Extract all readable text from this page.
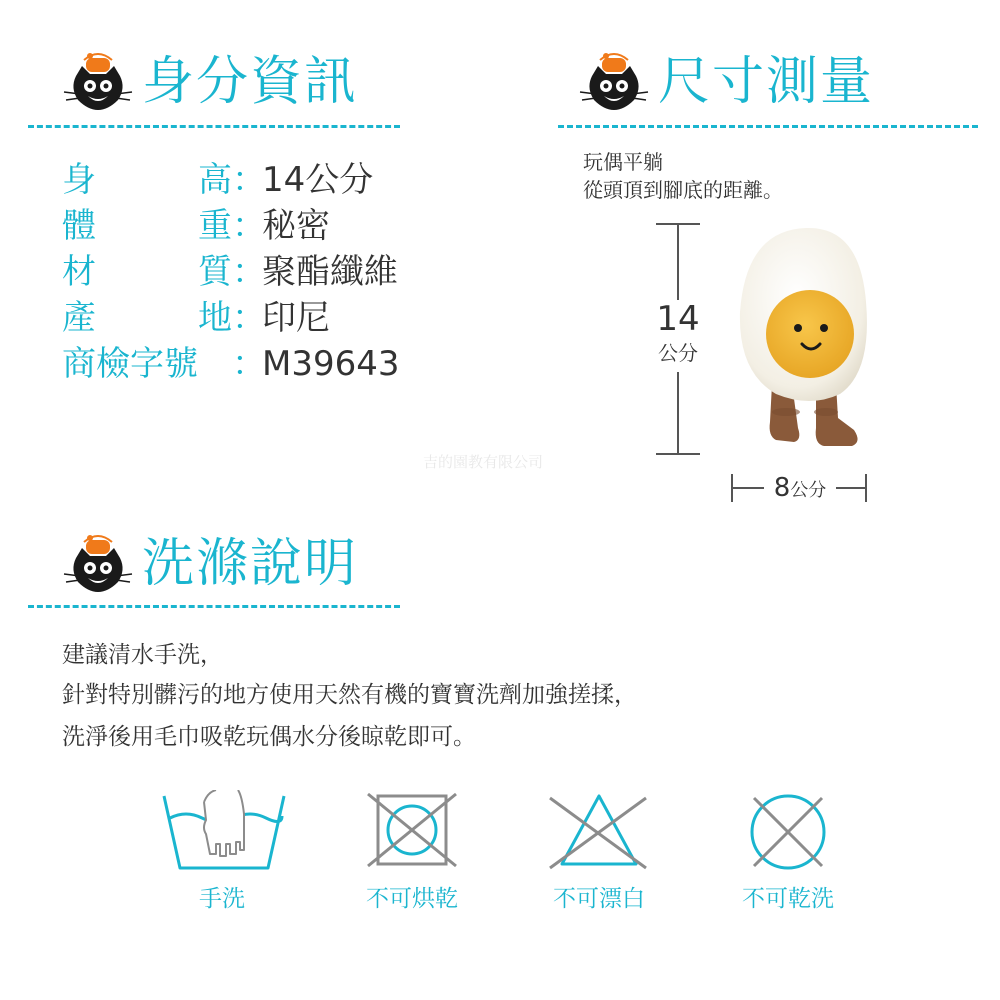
身分資訊
身	高 ：
14公分
體	重 ：
秘密
材	質 ：
聚酯纖維
產	地 ：
印尼
商檢字號 ：
M39643
尺寸測量
玩偶平躺
從頭頂到腳底的距離。
14
公分
吉的園教有限公司
8公分
洗滌說明
建議清水手洗，
針對特別髒污的地方使用天然有機的寶寶洗劑加強搓揉，
洗淨後用毛巾吸乾玩偶水分後晾乾即可。
手洗	不可烘乾	不可漂白	不可乾洗
